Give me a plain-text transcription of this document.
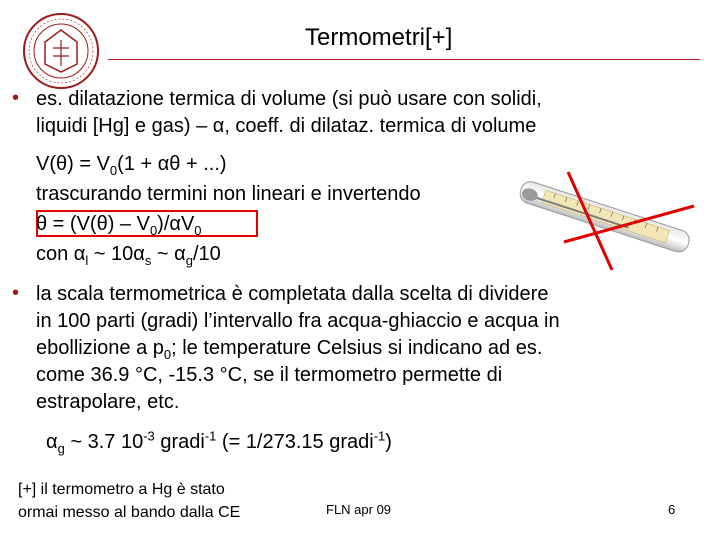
Termometri[+]
• es. dilatazione termica di volume (si può usare con solidi,
liquidi [Hg] e gas) – α, coeff. di dilataz. termica di volume
$V(\theta) = V_0(1 + \alpha\theta$ + ...)
trascurando termini non lineari e invertendo
$\theta = (V(\theta) - V_0)/\alpha V_0$
con $\alpha_l$ ~ $10\alpha_s$ ~ $\alpha_g/10$
• la scala termometrica è completata dalla scelta di dividere
in 100 parti (gradi) l’intervallo fra acqua-ghiaccio e acqua in
ebollizione a $p_0$; le temperature Celsius si indicano ad es.
come 36.9 °C, -15.3 °C, se il termometro permette di
estrapolare, etc.
$\alpha_g$ ~ 3.7 $10^{-3}$ gradi$^{-1}$ (= 1/273.15 gradi$^{-1}$)
[+] il termometro a Hg è stato
ormai messo al bando dalla CE	FLN apr 09	6
